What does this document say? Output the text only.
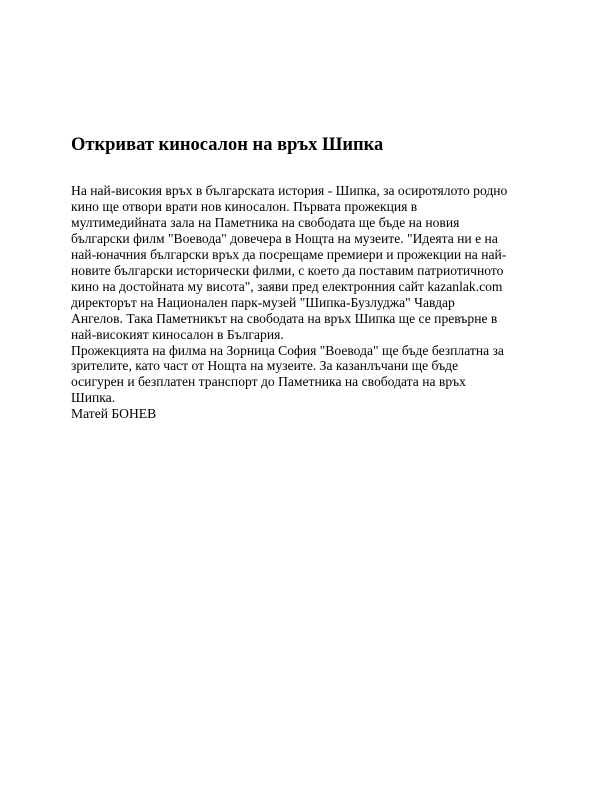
Откриват киносалон на връх Шипка
На най-високия връх в българската история - Шипка, за осиротялото родно
кино ще отвори врати нов киносалон. Първата прожекция в
мултимедийната зала на Паметника на свободата ще бъде на новия
български филм "Воевода" довечера в Нощта на музеите. "Идеята ни е на
най-юначния български връх да посрещаме премиери и прожекции на най-
новите български исторически филми, с което да поставим патриотичното
кино на достойната му висота", заяви пред електронния сайт kazanlak.com
директорът на Национален парк-музей "Шипка-Бузлуджа" Чавдар
Ангелов. Така Паметникът на свободата на връх Шипка ще се превърне в
най-високият киносалон в България.
Прожекцията на филма на Зорница София "Воевода" ще бъде безплатна за
зрителите, като част от Нощта на музеите. За казанлъчани ще бъде
осигурен и безплатен транспорт до Паметника на свободата на връх
Шипка.
Матей БОНЕВ
